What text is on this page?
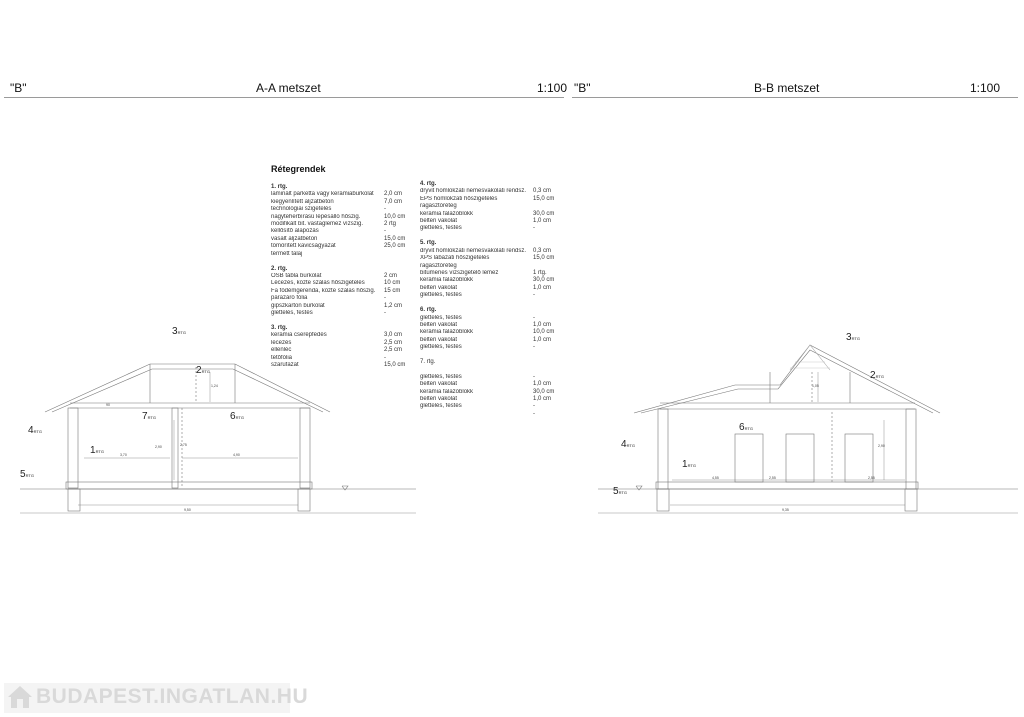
"B"	A-A metszet	1:100 "B"	B-B metszet	1:100
3RTG
2RTG
7RTG	6RTG
4RTG
1RTG
5RTG
90
1,24
3,70	4,90
2,90	2,75
9,50
3RTG
2RTG
6RTG
4RTG
1RTG
5RTG
1,05
2,90
4,55	2,55	2,55
9,35
Rétegrendek
1. rtg.
laminált parketta vagy kerámiaburkolat	2,0 cm
kiegyenlített aljzatbeton	7,0 cm
technológiai szigetelés	-
nagyteherbírású lépésálló hőszig.	10,0 cm
modifikált bit. vastaglemez vízszig.	2 rtg
kellősítő alapozás	-
vasalt aljzatbeton	15,0 cm
tömörített kavicságyazat	25,0 cm
termett talaj
2. rtg.
OSB tábla burkolat	2 cm
Lécezés, közte szálas hőszigetelés	10 cm
Fa födémgerenda, közte szálas hőszig.	15 cm
párazáró fólia	-
gipszkarton burkolat	1,2 cm
glettelés, festés	-
3. rtg.
kerámia cserépfedés	3,0 cm
lécezés	2,5 cm
ellenléc	2,5 cm
tetőfólia	-
szarufazat	15,0 cm
4. rtg.
dryvit homlokzati nemesvakolati rendsz.	0,3 cm
EPS homlokzati hőszigetelés	15,0 cm
ragasztóréteg
kerámia falazóblokk	30,0 cm
belteri vakolat	1,0 cm
glettelés, festés	-
5. rtg.
dryvit homlokzati nemesvakolati rendsz.	0,3 cm
XPS lábazati hőszigetelés	15,0 cm
ragasztóréteg
bitumenes vízszigetelő lemez	1 rtg.
kerámia falazóblokk	30,0 cm
belteri vakolat	1,0 cm
glettelés, festés	-
6. rtg.
glettelés, festés	-
belteri vakolat	1,0 cm
kerámia falazóblokk	10,0 cm
belteri vakolat	1,0 cm
glettelés, festés	-
7. rtg.

glettelés, festés	-
belteri vakolat	1,0 cm
kerámia falazóblokk	30,0 cm
belteri vakolat	1,0 cm
glettelés, festés	-

-
BUDAPEST.INGATLAN.HU
